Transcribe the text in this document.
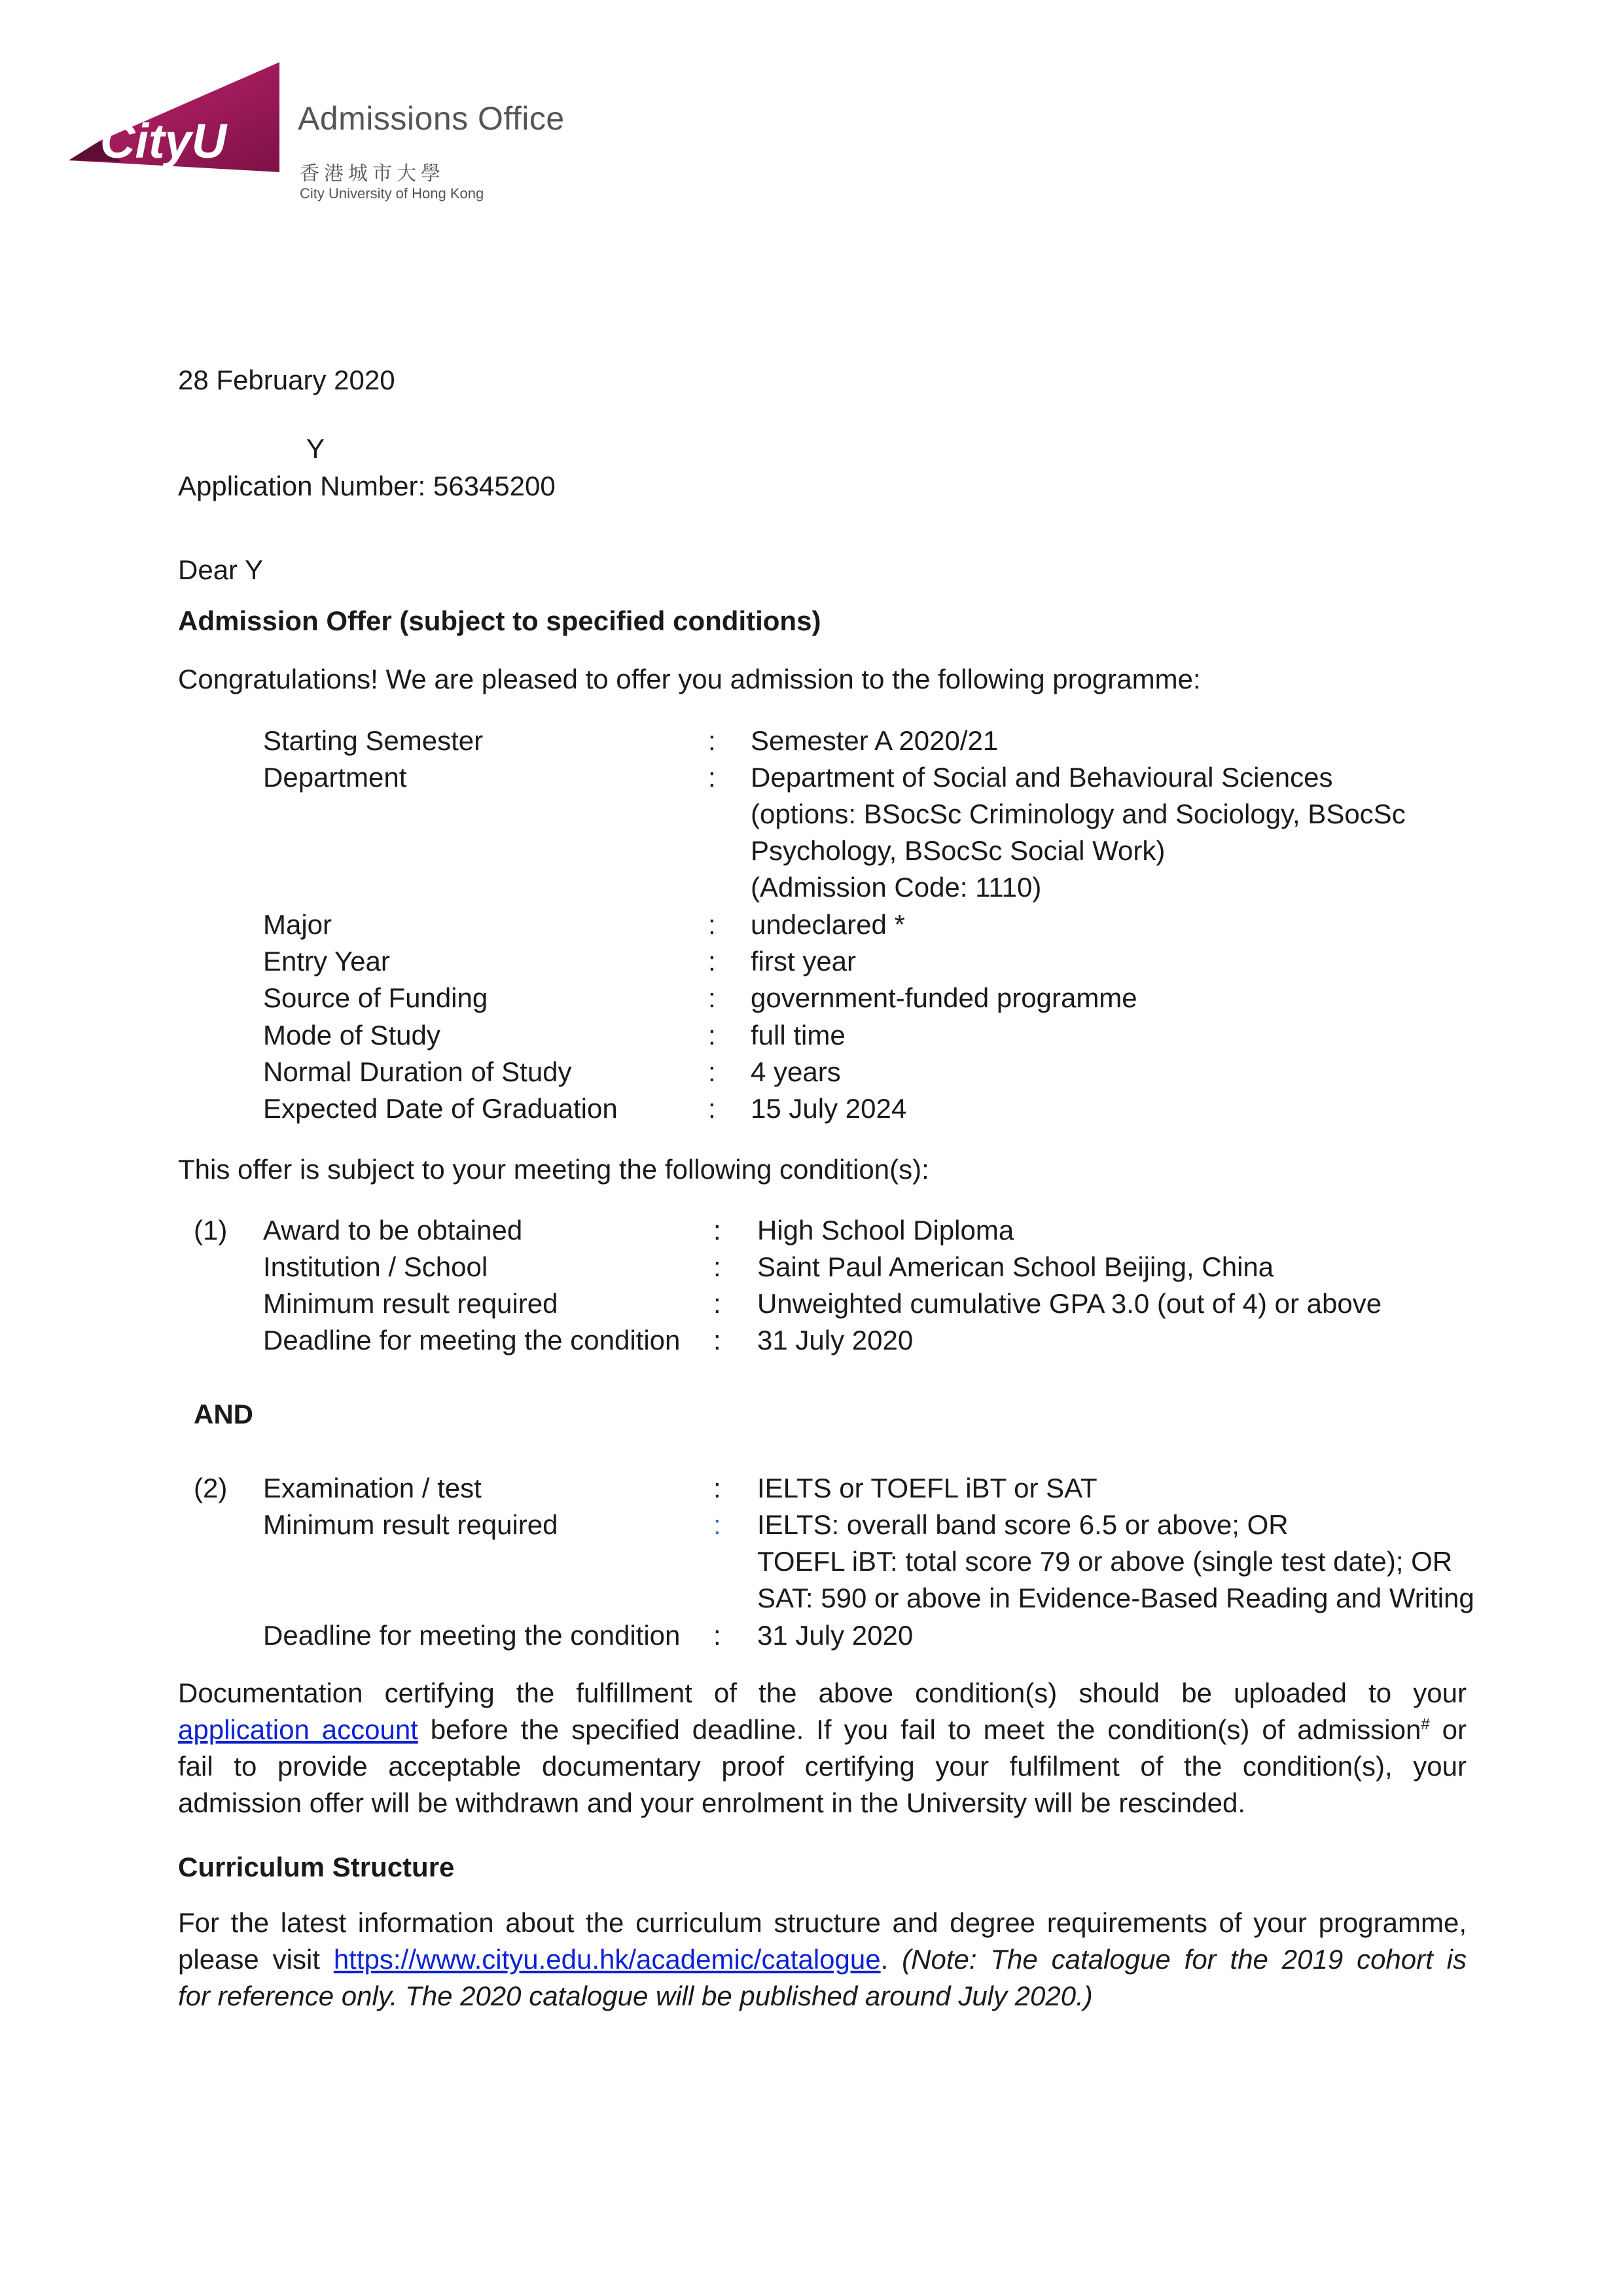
CityU Admissions Office
香港城市大學
City University of Hong Kong
28 February 2020
Y
Application Number: 56345200
Dear Y
Admission Offer (subject to specified conditions)
Congratulations! We are pleased to offer you admission to the following programme:
Starting Semester	: Semester A 2020/21
Department	: Department of Social and Behavioural Sciences
(options: BSocSc Criminology and Sociology, BSocSc
Psychology, BSocSc Social Work)
(Admission Code: 1110)
Major	: undeclared *
Entry Year	: first year
Source of Funding	: government-funded programme
Mode of Study	: full time
Normal Duration of Study	: 4 years
Expected Date of Graduation	: 15 July 2024
This offer is subject to your meeting the following condition(s):
(1) Award to be obtained	: High School Diploma
Institution / School	: Saint Paul American School Beijing, China
Minimum result required	: Unweighted cumulative GPA 3.0 (out of 4) or above
Deadline for meeting the condition : 31 July 2020
AND
(2) Examination / test	: IELTS or TOEFL iBT or SAT
Minimum result required	: IELTS: overall band score 6.5 or above; OR
TOEFL iBT: total score 79 or above (single test date); OR
SAT: 590 or above in Evidence-Based Reading and Writing
Deadline for meeting the condition : 31 July 2020
Documentation certifying the fulfillment of the above condition(s) should be uploaded to your
application account before the specified deadline. If you fail to meet the condition(s) of admission# or
fail to provide acceptable documentary proof certifying your fulfilment of the condition(s), your
admission offer will be withdrawn and your enrolment in the University will be rescinded.
Curriculum Structure
For the latest information about the curriculum structure and degree requirements of your programme,
please visit https://www.cityu.edu.hk/academic/catalogue. (Note: The catalogue for the 2019 cohort is
for reference only. The 2020 catalogue will be published around July 2020.)
